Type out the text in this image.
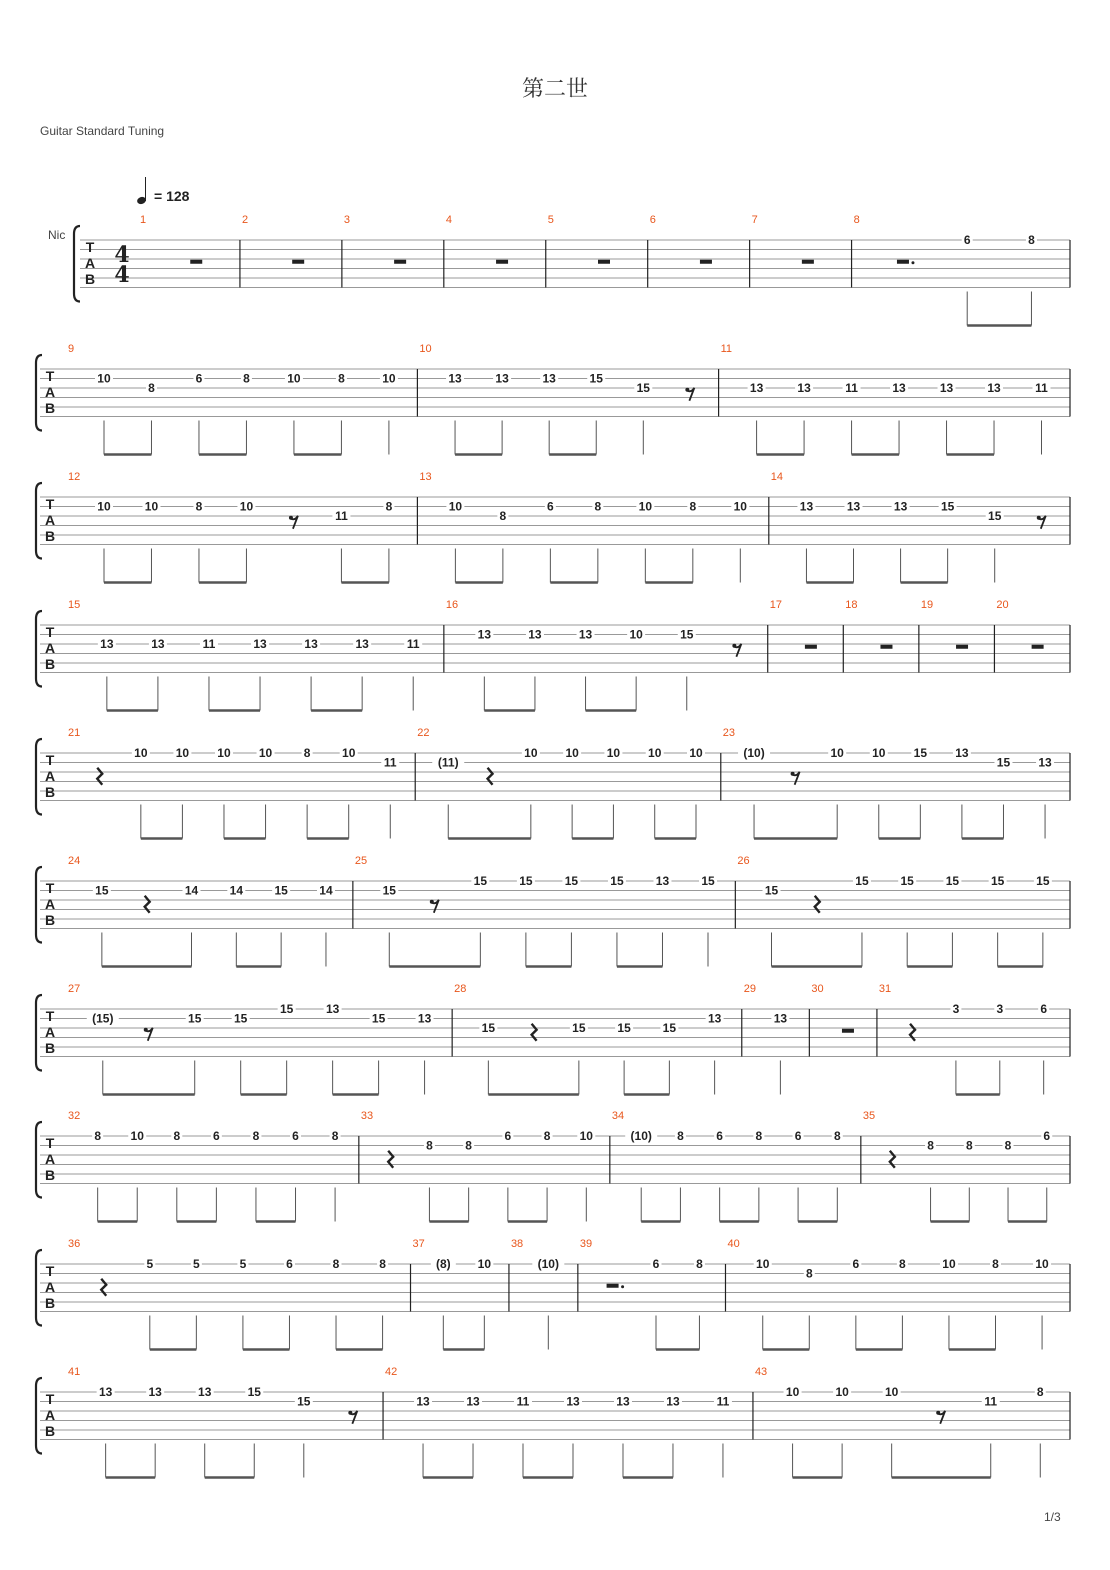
第二世
Guitar Standard Tuning
= 128
T
A
B
Nic
4
4
1	2	3	4	5	6	7	8
6	8
T
A
B
9
10
8
6	8	10	8	10
10
13	13	13	15
15
11
13	13	11	13	13	13	11
T
A
B
12
10	10	8	10
11
8
13
10
8
6	8	10	8	10
14
13	13	13	15
15
T
A
B
15
13	13	11	13	13	13	11
16
13	13	13	10	15
17	18	19	20
T
A
B
21
10 10 10 10	8	10
11
22
(11)
10 10 10 10 10
23
(10)	10 10 15 13
15 13
T
A
B
24
15	14	14	15	14
25
15
15	15	15	15	13	15
26
15
15	15	15	15	15
T
A
B
27
(15)	15	15
15	13
15	13
28
15	15	15	15
13
29
13
30	31
3	3	6
T
A
B
32
8 10 8	6	8	6	8
33
8	8
6	8 10
34
(10) 8	6	8	6	8
35
8	8	8
6
T
A
B
36
5	5	5	6	8	8
37
(8) 10
38
(10)
39
6	8
40
10
8
6	8	10	8	10
T
A
B
41
13	13	13	15
15
42
13	13	11	13	13	13	11
43
10	10	10
11
8
1/3
